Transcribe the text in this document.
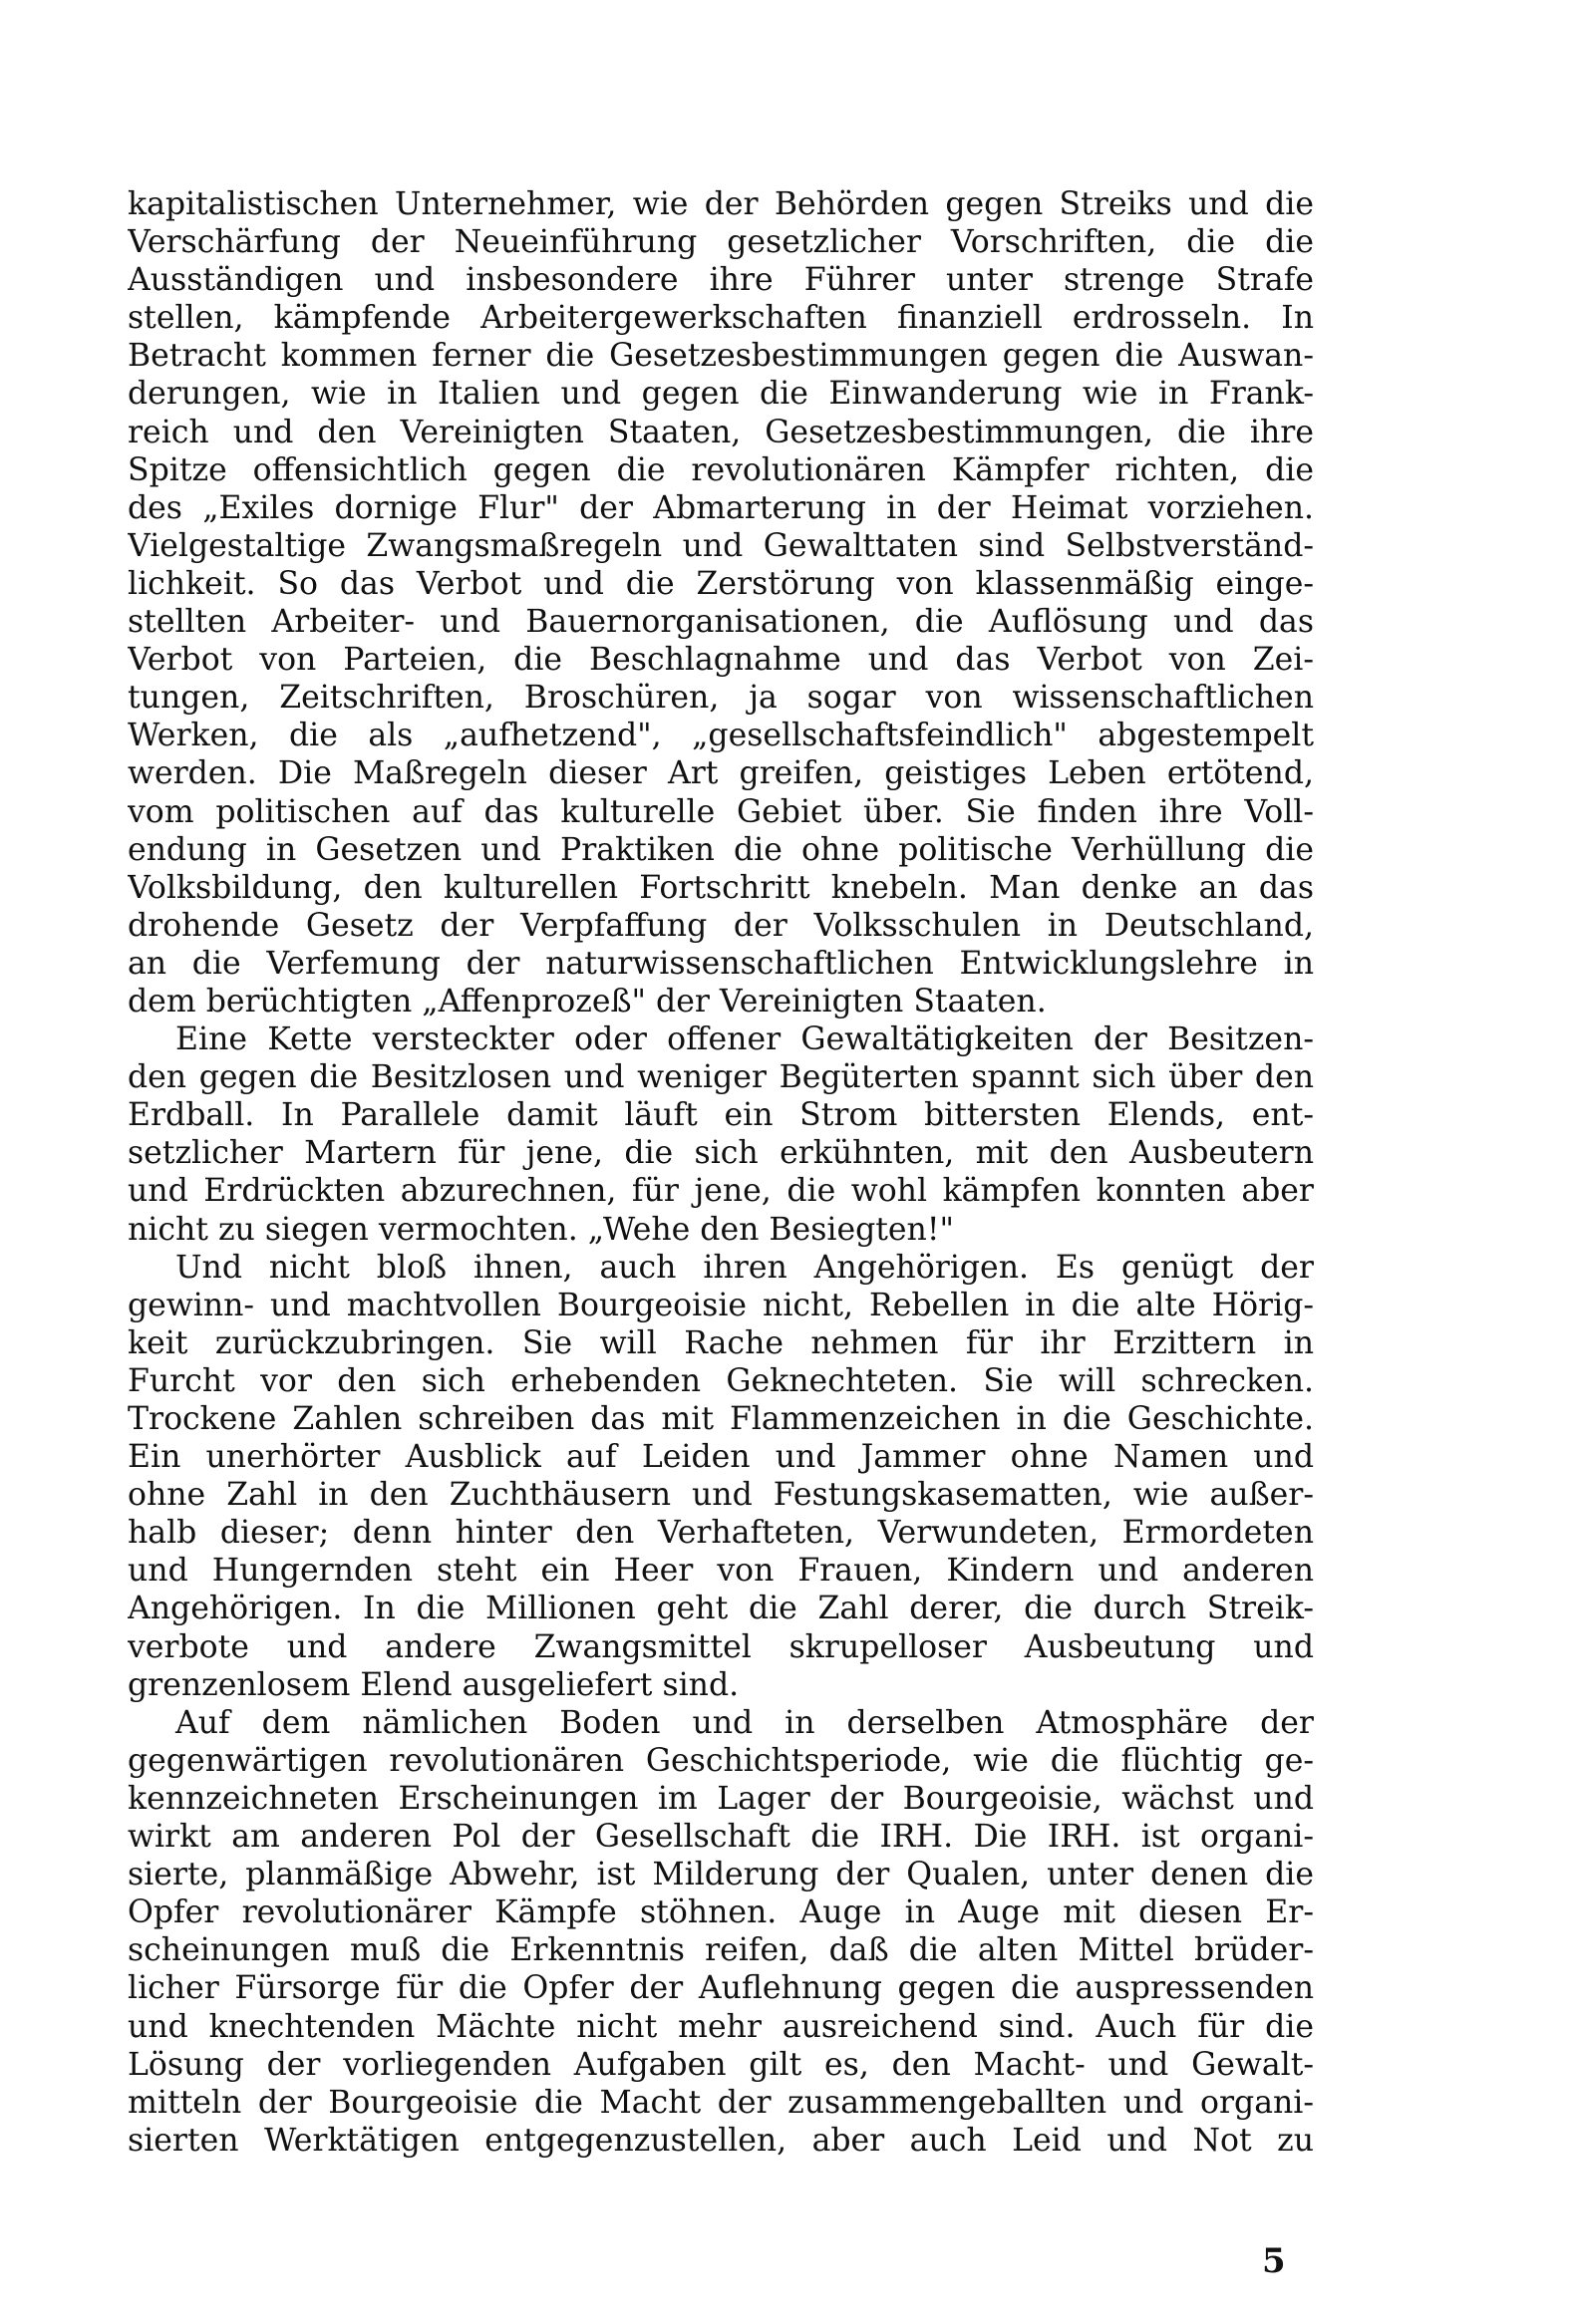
kapitalistischen Unternehmer, wie der Behörden gegen Streiks und die
Verschärfung der Neueinführung gesetzlicher Vorschriften, die die
Ausständigen und insbesondere ihre Führer unter strenge Strafe
stellen, kämpfende Arbeitergewerkschaften finanziell erdrosseln. In
Betracht kommen ferner die Gesetzesbestimmungen gegen die Auswan-
derungen, wie in Italien und gegen die Einwanderung wie in Frank-
reich und den Vereinigten Staaten, Gesetzesbestimmungen, die ihre
Spitze offensichtlich gegen die revolutionären Kämpfer richten, die
des „Exiles dornige Flur" der Abmarterung in der Heimat vorziehen.
Vielgestaltige Zwangsmaßregeln und Gewalttaten sind Selbstverständ-
lichkeit. So das Verbot und die Zerstörung von klassenmäßig einge-
stellten Arbeiter- und Bauernorganisationen, die Auflösung und das
Verbot von Parteien, die Beschlagnahme und das Verbot von Zei-
tungen, Zeitschriften, Broschüren, ja sogar von wissenschaftlichen
Werken, die als „aufhetzend", „gesellschaftsfeindlich" abgestempelt
werden. Die Maßregeln dieser Art greifen, geistiges Leben ertötend,
vom politischen auf das kulturelle Gebiet über. Sie finden ihre Voll-
endung in Gesetzen und Praktiken die ohne politische Verhüllung die
Volksbildung, den kulturellen Fortschritt knebeln. Man denke an das
drohende Gesetz der Verpfaffung der Volksschulen in Deutschland,
an die Verfemung der naturwissenschaftlichen Entwicklungslehre in
dem berüchtigten „Affenprozeß" der Vereinigten Staaten.
Eine Kette versteckter oder offener Gewaltätigkeiten der Besitzen-
den gegen die Besitzlosen und weniger Begüterten spannt sich über den
Erdball. In Parallele damit läuft ein Strom bittersten Elends, ent-
setzlicher Martern für jene, die sich erkühnten, mit den Ausbeutern
und Erdrückten abzurechnen, für jene, die wohl kämpfen konnten aber
nicht zu siegen vermochten. „Wehe den Besiegten!"
Und nicht bloß ihnen, auch ihren Angehörigen. Es genügt der
gewinn- und machtvollen Bourgeoisie nicht, Rebellen in die alte Hörig-
keit zurückzubringen. Sie will Rache nehmen für ihr Erzittern in
Furcht vor den sich erhebenden Geknechteten. Sie will schrecken.
Trockene Zahlen schreiben das mit Flammenzeichen in die Geschichte.
Ein unerhörter Ausblick auf Leiden und Jammer ohne Namen und
ohne Zahl in den Zuchthäusern und Festungskasematten, wie außer-
halb dieser; denn hinter den Verhafteten, Verwundeten, Ermordeten
und Hungernden steht ein Heer von Frauen, Kindern und anderen
Angehörigen. In die Millionen geht die Zahl derer, die durch Streik-
verbote und andere Zwangsmittel skrupelloser Ausbeutung und
grenzenlosem Elend ausgeliefert sind.
Auf dem nämlichen Boden und in derselben Atmosphäre der
gegenwärtigen revolutionären Geschichtsperiode, wie die flüchtig ge-
kennzeichneten Erscheinungen im Lager der Bourgeoisie, wächst und
wirkt am anderen Pol der Gesellschaft die IRH. Die IRH. ist organi-
sierte, planmäßige Abwehr, ist Milderung der Qualen, unter denen die
Opfer revolutionärer Kämpfe stöhnen. Auge in Auge mit diesen Er-
scheinungen muß die Erkenntnis reifen, daß die alten Mittel brüder-
licher Fürsorge für die Opfer der Auflehnung gegen die auspressenden
und knechtenden Mächte nicht mehr ausreichend sind. Auch für die
Lösung der vorliegenden Aufgaben gilt es, den Macht- und Gewalt-
mitteln der Bourgeoisie die Macht der zusammengeballten und organi-
sierten Werktätigen entgegenzustellen, aber auch Leid und Not zu
5
